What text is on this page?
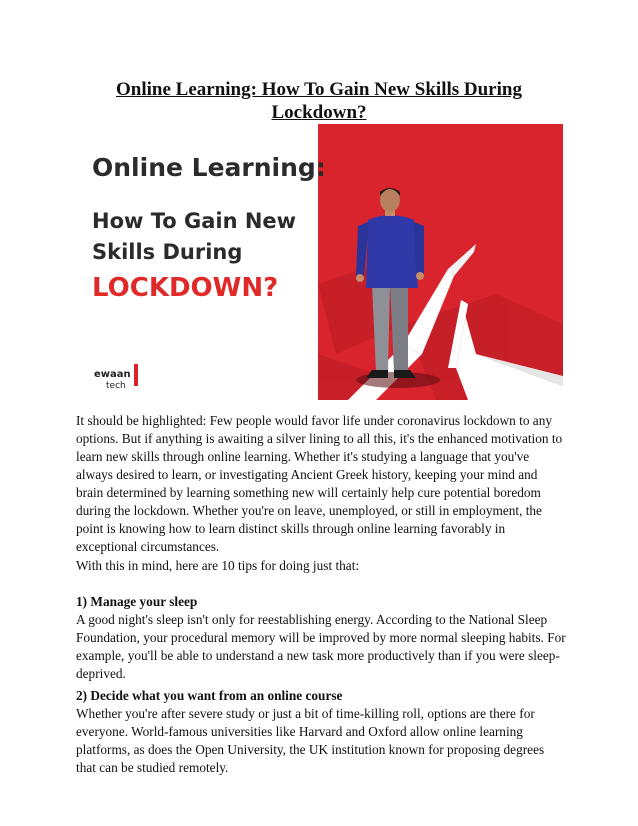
Online Learning: How To Gain New Skills During
Lockdown?
Online Learning:
How To Gain New
Skills During
LOCKDOWN?
ewaan
tech

It should be highlighted: Few people would favor life under coronavirus lockdown to any options. But if anything is awaiting a silver lining to all this, it's the enhanced motivation to learn new skills through online learning. Whether it's studying a language that you've always desired to learn, or investigating Ancient Greek history, keeping your mind and brain determined by learning something new will certainly help cure potential boredom during the lockdown. Whether you're on leave, unemployed, or still in employment, the point is knowing how to learn distinct skills through online learning favorably in exceptional circumstances.

With this in mind, here are 10 tips for doing just that:

1) Manage your sleep

A good night's sleep isn't only for reestablishing energy. According to the National Sleep Foundation, your procedural memory will be improved by more normal sleeping habits. For example, you'll be able to understand a new task more productively than if you were sleep-deprived.

2) Decide what you want from an online course

Whether you're after severe study or just a bit of time-killing roll, options are there for everyone. World-famous universities like Harvard and Oxford allow online learning platforms, as does the Open University, the UK institution known for proposing degrees that can be studied remotely.
